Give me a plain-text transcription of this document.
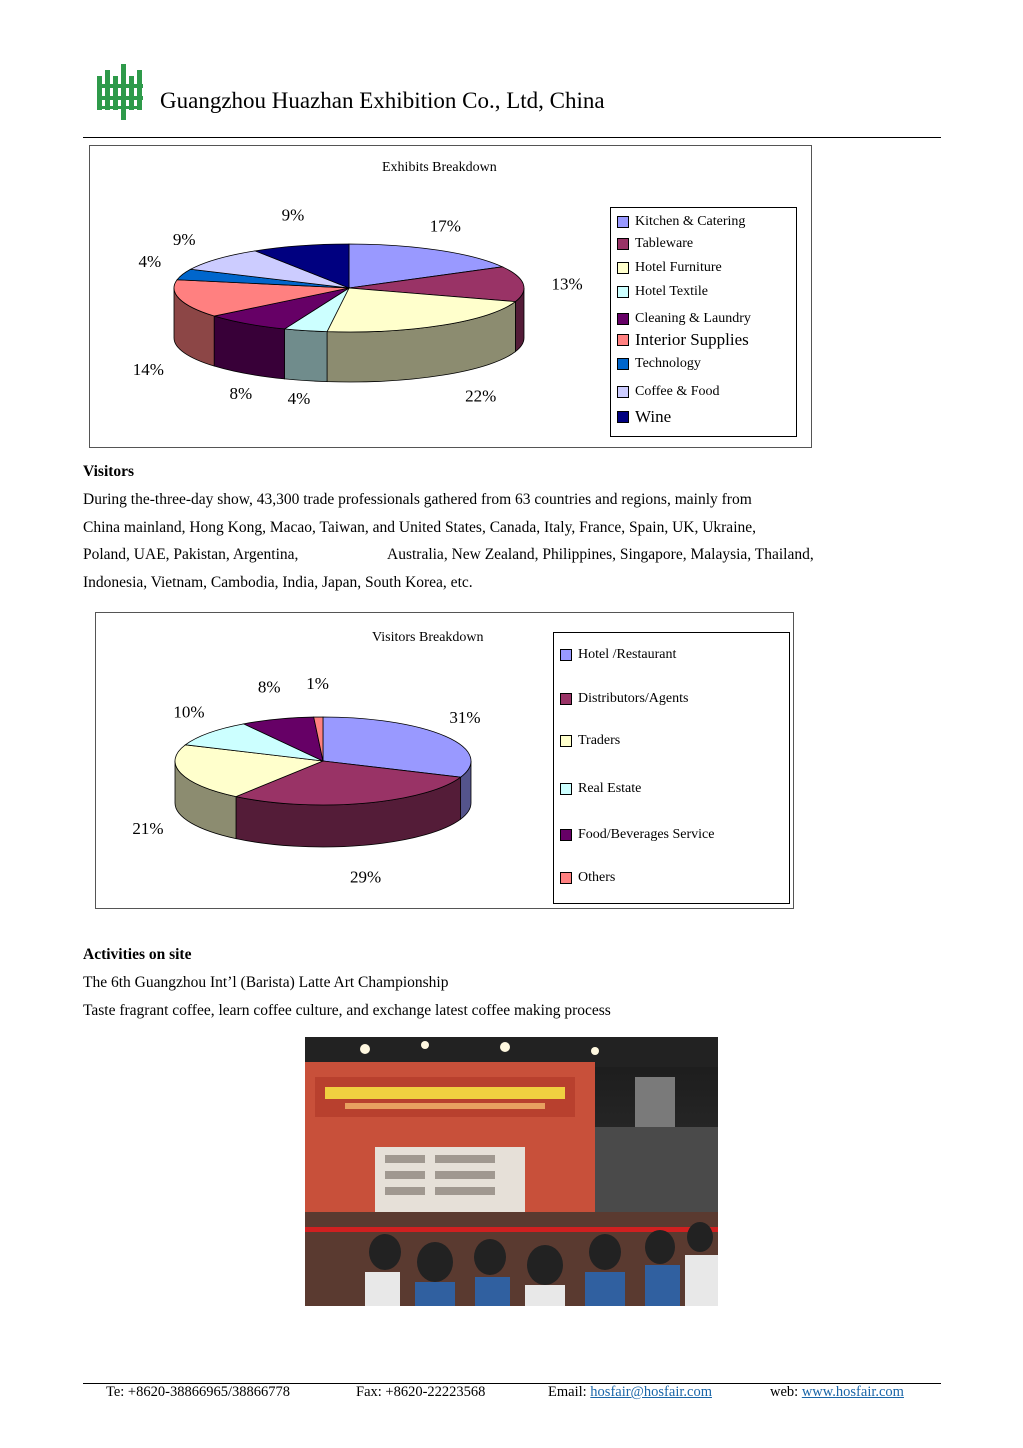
Guangzhou Huazhan Exhibition Co., Ltd, China
Exhibits Breakdown
17%
13%
22%
4%
8%
14%
4%
9%
9%	Kitchen & Catering
Tableware
Hotel Furniture
Hotel Textile
Cleaning & Laundry
Interior Supplies
Technology
Coffee & Food
Wine
Visitors
During the-three-day show, 43,300 trade professionals gathered from 63 countries and regions, mainly from
China mainland, Hong Kong, Macao, Taiwan, and United States, Canada, Italy, France, Spain, UK, Ukraine,
Poland, UAE, Pakistan, Argentina,	Australia, New Zealand, Philippines, Singapore, Malaysia, Thailand,
Indonesia, Vietnam, Cambodia, India, Japan, South Korea, etc.
Visitors Breakdown
31%
29%
21%
10%
8% 1%
Hotel /Restaurant
Distributors/Agents
Traders
Real Estate
Food/Beverages Service
Others
Activities on site
The 6th Guangzhou Int’l (Barista) Latte Art Championship
Taste fragrant coffee, learn coffee culture, and exchange latest coffee making process
Te: +8620-38866965/38866778	Fax: +8620-22223568	Email: hosfair@hosfair.com	web: www.hosfair.com
